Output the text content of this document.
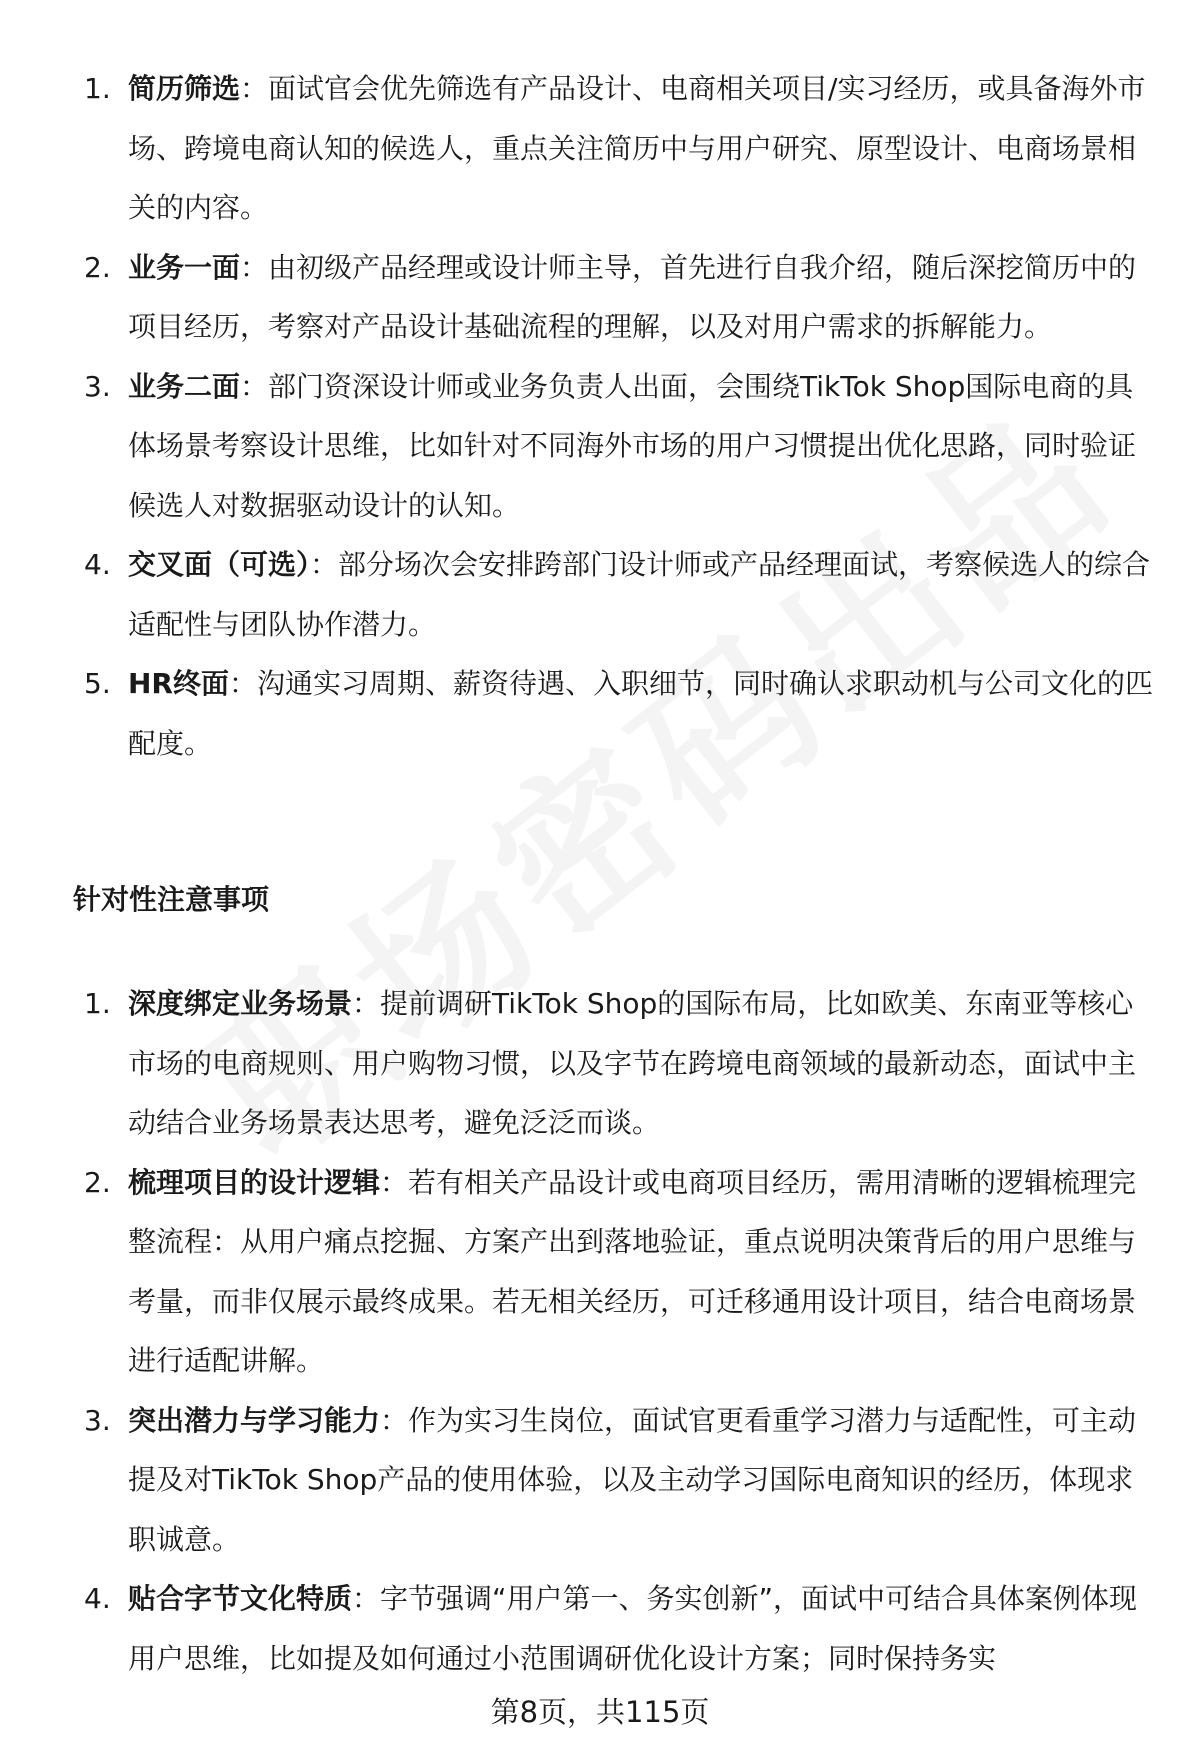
1. 简历筛选：面试官会优先筛选有产品设计、电商相关项目/实习经历，或具备海外市场、跨境电商认知的候选人，重点关注简历中与用户研究、原型设计、电商场景相关的内容。
2. 业务一面：由初级产品经理或设计师主导，首先进行自我介绍，随后深挖简历中的项目经历，考察对产品设计基础流程的理解，以及对用户需求的拆解能力。
3. 业务二面：部门资深设计师或业务负责人出面，会围绕TikTok Shop国际电商的具体场景考察设计思维，比如针对不同海外市场的用户习惯提出优化思路，同时验证候选人对数据驱动设计的认知。
4. 交叉面（可选）：部分场次会安排跨部门设计师或产品经理面试，考察候选人的综合适配性与团队协作潜力。
5. HR终面：沟通实习周期、薪资待遇、入职细节，同时确认求职动机与公司文化的匹配度。
针对性注意事项
1. 深度绑定业务场景：提前调研TikTok Shop的国际布局，比如欧美、东南亚等核心市场的电商规则、用户购物习惯，以及字节在跨境电商领域的最新动态，面试中主动结合业务场景表达思考，避免泛泛而谈。
2. 梳理项目的设计逻辑：若有相关产品设计或电商项目经历，需用清晰的逻辑梳理完整流程：从用户痛点挖掘、方案产出到落地验证，重点说明决策背后的用户思维与考量，而非仅展示最终成果。若无相关经历，可迁移通用设计项目，结合电商场景进行适配讲解。
3. 突出潜力与学习能力：作为实习生岗位，面试官更看重学习潜力与适配性，可主动提及对TikTok Shop产品的使用体验，以及主动学习国际电商知识的经历，体现求职诚意。
4. 贴合字节文化特质：字节强调“用户第一、务实创新”，面试中可结合具体案例体现用户思维，比如提及如何通过小范围调研优化设计方案；同时保持务实
第8页，共115页
